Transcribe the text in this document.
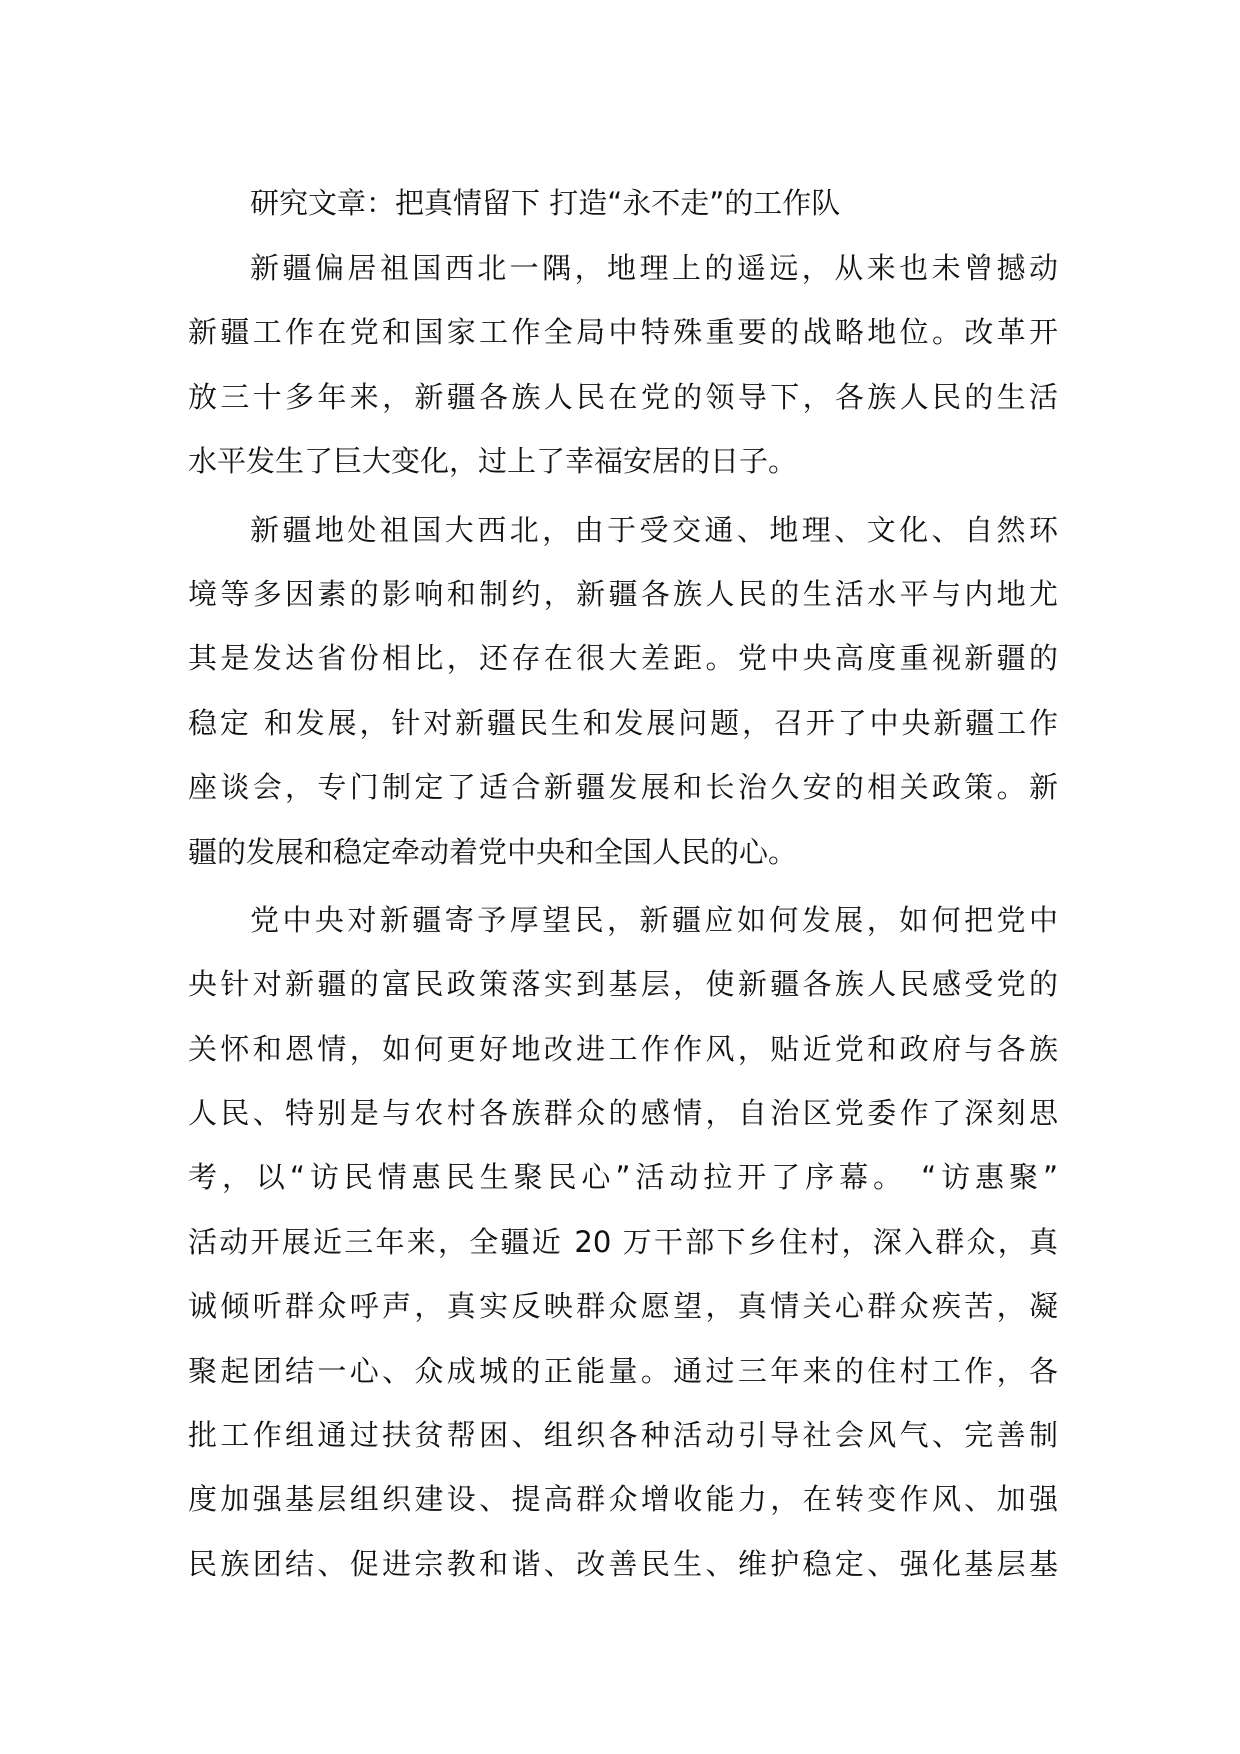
研究文章：把真情留下 打造“永不走”的工作队

新疆偏居祖国西北一隅，地理上的遥远，从来也未曾撼动
新疆工作在党和国家工作全局中特殊重要的战略地位。改革开
放三十多年来，新疆各族人民在党的领导下，各族人民的生活
水平发生了巨大变化，过上了幸福安居的日子。
新疆地处祖国大西北，由于受交通、地理、文化、自然环
境等多因素的影响和制约，新疆各族人民的生活水平与内地尤
其是发达省份相比，还存在很大差距。党中央高度重视新疆的
稳定 和发展，针对新疆民生和发展问题，召开了中央新疆工作
座谈会，专门制定了适合新疆发展和长治久安的相关政策。新
疆的发展和稳定牵动着党中央和全国人民的心。
党中央对新疆寄予厚望民，新疆应如何发展，如何把党中
央针对新疆的富民政策落实到基层，使新疆各族人民感受党的
关怀和恩情，如何更好地改进工作作风，贴近党和政府与各族
人民、特别是与农村各族群众的感情，自治区党委作了深刻思
考，以“访民情惠民生聚民心”活动拉开了序幕。 “访惠聚”
活动开展近三年来，全疆近 20 万干部下乡住村，深入群众，真
诚倾听群众呼声，真实反映群众愿望，真情关心群众疾苦，凝
聚起团结一心、众成城的正能量。通过三年来的住村工作，各
批工作组通过扶贫帮困、组织各种活动引导社会风气、完善制
度加强基层组织建设、提高群众增收能力，在转变作风、加强
民族团结、促进宗教和谐、改善民生、维护稳定、强化基层基
